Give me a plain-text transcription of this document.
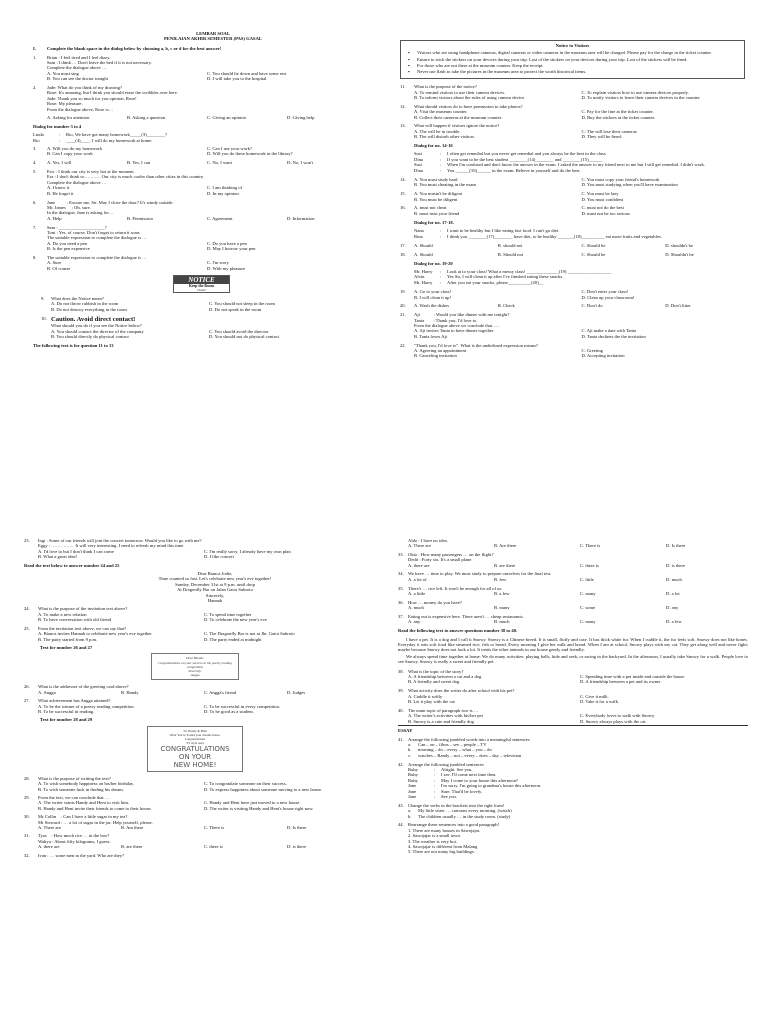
LEMBAR SOAL
PENILAIAN AKHIR SEMESTER (PAS) GASAL
I. Complete the blank space in the dialog below by choosing a, b, c or d for the best answer!
1. Brian : I feel tired and I feel dizzy.
Sam : I think … Don't leave the bed if it is not necessary.
Complete the dialogue above …
A. You must sing	C. You should lie down and have some rest
B. You can see the doctor tonight	D. I will take you to the hospital
2. Jade: What do you think of my drawing?
Rose: It's amazing, but I think you should erase the scribbles over here.
Jade: Thank you so much for you opinion, Rose!
Rose: My pleasure.
From the dialogue above, Rose is…
A. Asking for attention	B. Asking a question	C. Giving an opinion	D. Giving help
Dialog for number 3 to 4
Linda	:	Rio, We have got many homework_____(3)________?
Rio	:	____(4)____. I will do my homework at home.
3. A. Will you do my homework	C. Can I use your work?
B. Can I copy your work	D. Will you do these homework in the library?
4. A. Yes, I will	B. Yes, I can	C. No, I want	D. No, I won't
5. Eric : I think our city is very hot at the moment.
Era : I don't think so……….. Our city is much cooler than other cities in this country.
Complete the dialogue above …
A. I know it	C. I am thinking of
B. He forget it	D. In my opinion
6. Jane          : Excuse me, Sir. May I close the door? It's windy outside.
Mr. James     : Oh, sure.
In the dialogue, Jane is asking for…
A. Help	B. Permission	C. Agreement	D. Information
7. Sam : ____________________?
Toni : Yes, of course. Don't forget to return it soon.
The suitable expression to complete the dialogue is …
A. Do you need a pen	C. Do you have a pen
B. Is the pen expensive	D. May I borrow your pen
8. The suitable expression to complete the dialogue is …
A. Sure	C. I'm sorry
B. Of course	D. With my pleasure
NOTICE
Keep the Room
Clean!
9. What does the Notice mean?
A. Do not throw rubbish in the room	C. You should not sleep in the room
B. Do not destroy everything in the room	D. Do not speak in the room
10. Caution. Avoid direct contact!
What should you do if you see the Notice below?
A. You should contact the director of the company	C. You should avoid the director
B. You should directly do physical contact	D. You should not do physical contact
The following text is for question 11 to 13
Notice to Visitors
▪ Visitors who are using handphone cameras, digital cameras or video cameras in the museum area will be charged. Please pay for the charge in the ticket counter.
▪ Ensure to stick the stickers on your devices during your trip. Lost of the stickers on your devices during your trip. Lost of the stickers will be fined.
▪ For those who are not there at the museum counter. Keep the receipt.
▪ Never use flash to take the pictures in the museum area to protect the worth historical items.
11. What is the purpose of the notice?
A. To remind visitors to use their camera devices.	C. To explain visitors how to use camera devices properly.
B. To inform visitors about the rules of using camera device.	D. To notify visitors to leave their camera devices in the counter.
12. What should visitors do to have permission to take photos?
A. Visit the museum counter.	C. Pay for the fine at the ticket counter.
B. Collect their cameras at the museum counter.	D. Buy the stickers at the ticket counter.
13. What will happen if visitors ignore the notice?
A. The will be in trouble.	C. The will lose their cameras.
B. The will disturb other visitors.	D. They will be fined.
Dialog for no. 14-16
Susi	:	I often get remedial but you never get remedial and you always be the best in the class.
Dina	:	If you want to be the best student ________(14)________ and ________(15)______
Susi	:	When I'm confused and don't know the answer in the exam. I asked the answer to my friend next to me but I still get remedial. I didn't work.
Dina	:	You ______(16)______ in the exam. Believe in yourself and do the best.
14. A. You must study hard	C. You must copy your friend's homework
B. You must cheating in the exam	D. You must studying when you'll have examination
15. A. You mustn't be diligent	C. You must be lazy
B. You must be diligent	D. You must confident
16. A. must not cheat	C. must not do the best
B. must trust your friend	D. must not be too serious
Dialog for no. 17-18.
Nana	:	I want to be healthy but I like eating fast food. I can't go diet.
Rina	:	I think you ________(17)________ have diet, to be healthy _______(18)__________ eat more fruits and vegetables.
17. A. Should	B. should not	C. Should be	D. shouldn't be
18. A. Should	B. Should not	C. Should be	D. Shouldn't be
Dialog for no. 19-20
Mr. Harry	:	Look at to your class! What a messy class! ______________(19) ___________________
Alvin	:	Yes Sir, I will clean it up after I've finished eating these snacks.
Mr. Harry	:	After you eat your snacks, please__________(20)__
19. A. Go to your class!	C. Don't enter your class!
B. I will clean it up!	D. Clean up your classroom!
20. A. Wash the dishes	B. Check	C. Don't do	D. Don't litter
21. Aji            : Would you like dinner with me tonight?
Tania        : Thank you, I'd love to.
From the dialogue above we conclude that…..
A. Aji invites Tania to have dinner together	C. Aji make a date with Tania
B. Tania loves Aji	D. Tania declines the the invitation
22. "Thank you, I'd love to". What is the underlined expression means?
A. Agreeing an appointment	C. Greeting
B. Canceling invitation	D. Accepting invitation
23. Ingi : Some of our friends will join the concert tomorrow. Would you like to go with me?
Eggy : …………… It will very interesting. I need to refresh my mind this time.
A. I'd love to but I don't think I can come	C. I'm really sorry. I already have my own plan
B. What a great idea!	D. I like concert
Read the text below to answer number 24 and 25
Dear Bianca Jodie,
Time counted so fast. Let's celebrate new year's eve together!
Sunday, December 31st at 9 p.m. until drop
At Dragonfly Bar on Jalan Gatot Subroto
Sincerely,
Hannah
24. What is the purpose of the invitation text above?
A. To make a new relation	C. To spend time together
B. To have conversation with old friend	D. To celebrate the new year's eve
25. From the invitation text above, we can say that?
A. Bianca invites Hannah to celebrate new year's eve together	C. The Dragonfly Bar is not at Jln. Gatot Subroto
B. The party started from 9 p.m.	D. The party ended at midnight
Text for number 26 and 27
Dear Hanah,
Congratulations on your success in the poetry reading competition
Sincerely,
Angga
26. What is the addresser of the greeting card above?
A. Angga	B. Handy	C. Angga's friend	D. Judges
27. What achievement has Angga attained?
A. To be the winner of a poetry reading competition.	C. To be successful in every competition.
B. To be successful in reading.	D. To be good as a student.
Text for number 28 and 29
To: Handy & Hani
What You've Found your dreams house.
Congratulations
TV style used
CONGRATULATIONS
ON YOUR
NEW HOME!
28. What is the purpose of writing the text?
A. To wish somebody happiness on his/her birthday.	C. To congratulate someone on their success.
B. To wish someone luck in finding his dream.	D. To express happiness about someone moving to a new house.
29. From the text, we can conclude that …
A. The writer wants Handy and Heni to visit him.	C. Handy and Heni have just moved to a new house.
B. Handy and Heni invite their friends to come to their house.	D. The writer is visiting Handy and Heni's house right now.
30. Mr Collin    : Can I have a little sugar in my tea?
Mr Steward : … a lot of sugar in the jar. Help yourself, please.
A. There are	B. Am there	C. There is	D. Is there
31. Tyas    : How much rice … in the box?
Wahyu : About fifty kilograms, I guess.
A. there are	B. are there	C. there is	D. is there
32. Ivan : … some men in the yard. Who are they?
Aldo : I have no idea.
A. There are	B. Are there	C. There is	D. Is there
33. Okto : How many passengers … on the flight?
Dedit : Forty six. It's a small plane.
A. there are	B. are there	C. there is	D. is there
34. We have … time to play. We must study to prepare ourselves for the final test.
A. a lot of	B. few	C. little	D. much
35. There's … rice left. It won't be enough for all of us.
A. a little	B. a few	C. many	D. a lot
36. How … money do you have?
A. much	B. many	C. some	D. any
37. Eating out is expensive here. There aren't … cheap restaurants.
A. any	B. much	C. many	D. a few
Read the following text to answer questions number 38 to 40.
I have a pet. It is a dog and I call it Snowy. Snowy is a Chinese breed. It is small, fluffy and cute. It has thick white fur. When I cuddle it, the fur feels soft. Snowy does not like bones. Everyday it eats soft food like steamed rice, fish or bread. Every morning I give her milk and bread. When I am at school, Snowy plays with my cat. They get along well and never fight; maybe because Snowy does not look a lot. It treats the other animals in our house gently and friendly.
We always spend time together at home. We do many activities: playing balls, hide and seek, or racing in the backyard. In the afternoon, I usually take Snowy for a walk. People love to see Snowy. Snowy is really a sweet and friendly pet.
38. What is the topic of the story?
A. A friendship between a cat and a dog	C. Spending time with a pet inside and outside the house
B. A friendly and sweet dog	D. A friendship between a pet and its owner
39. What activity does the writer do after school with his pet?
A. Cuddle it softly	C. Give it milk.
B. Let it play with the cat	D. Take it for a walk.
40. The main topic of paragraph two is …
A. The writer's activities with his/her pet	C. Everybody loves to walk with Snowy
B. Snowy is a cute and friendly dog	D. Snowy always plays with the cat
ESSAY
41. Arrange the following jumbled words into a meaningful sentences
a. Can – on – films – see – people – TV
b. morning – do – every – what – you – do
c. watches – Randy – not – every – does – day – television
42. Arrange the following jumbled sentences
Ruby	:	Alright. See you.
Ruby	:	I see. I'll come next time then.
Ruby	:	May I come to your house this afternoon?
Jane	:	I'm sorry. I'm going to grandma's house this afternoon.
Jane	:	Sure. That'd be lovely.
Jane	:	See you.
43. Change the verbs in the brackets into the right form!
a. My little sister … cartoons every morning. (watch)
b. The children usually … in the study room. (study)
44. Rearrange these sentences into a good paragraph!
1. There are many houses in Sawojajar.
2. Sawojajar is a small town.
3. The weather is very hot.
4. Sawojajar is different from Malang
5. There are not many big buildings.
